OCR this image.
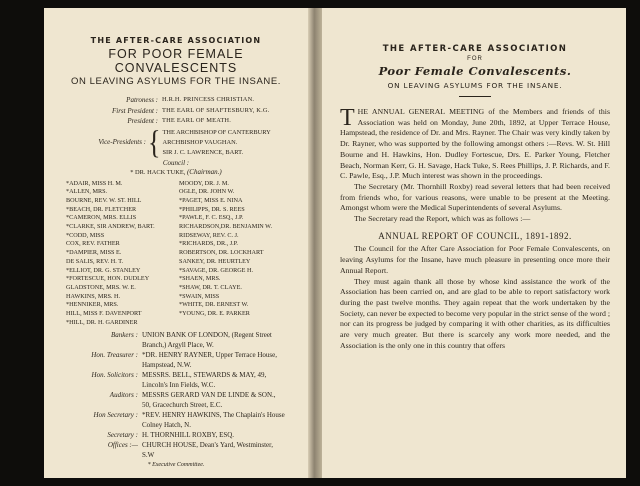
THE AFTER-CARE ASSOCIATION

FOR POOR FEMALE CONVALESCENTS

ON LEAVING ASYLUMS FOR THE INSANE.

Patroness : H.R.H. PRINCESS CHRISTIAN.
First President : THE EARL OF SHAFTESBURY, K.G.
President : THE EARL OF MEATH.
Vice-Presidents : { THE ARCHBISHOP OF CANTERBURY
ARCHBISHOP VAUGHAN.
SIR J. C. LAWRENCE, BART.
Council :
* DR. HACK TUKE, (Chairman.)
*ADAIR, MISS H. M.	MOODY, DR. J. M.
*ALLEN, MRS.	OGLE, DR. JOHN W.
BOURNE, REV. W. ST. HILL	*PAGET, MISS E. NINA
*BEACH, DR. FLETCHER	*PHILIPPS, DR. S. REES
*CAMERON, MRS. ELLIS	*PAWLE, F. C. ESQ., J.P.
*CLARKE, SIR ANDREW, BART.	RICHARDSON,DR. BENJAMIN W.
*CODD, MISS	RIDSEWAY, REV. C. J.
COX, REV. FATHER	*RICHARDS, DR., J.P.
*DAMPIER, MISS E.	ROBERTSON, DR. LOCKHART
DE SALIS, REV. H. T.	SANKEY, DR. HEURTLEY
*ELLIOT, DR. G. STANLEY	*SAVAGE, DR. GEORGE H.
*FORTESCUE, HON. DUDLEY	*SHAEN, MRS.
GLADSTONE, MRS. W. E.	*SHAW, DR. T. CLAYE.
HAWKINS, MRS. H.	*SWAIN, MISS
*HENNIKER, MRS.	*WHITE, DR. ERNEST W.
HILL, MISS F. DAVENPORT	*YOUNG, DR. E. PARKER
*HILL, DR. H. GARDINER
Bankers : UNION BANK OF LONDON, (Regent Street Branch,) Argyll Place, W.
Hon. Treasurer : *DR. HENRY RAYNER, Upper Terrace House, Hampstead, N.W.
Hon. Solicitors : MESSRS. BELL, STEWARDS & MAY, 49, Lincoln's Inn Fields, W.C.
Auditors : MESSRS GERARD VAN DE LINDE & SON., 50, Gracechurch Street, E.C.
Hon Secretary : *REV. HENRY HAWKINS, The Chaplain's House Colney Hatch, N.
Secretary : H. THORNHILL ROXBY, ESQ.
Offices :— CHURCH HOUSE, Dean's Yard, Westminster, S.W
* Executive Committee.

THE AFTER-CARE ASSOCIATION

FOR

Poor Female Convalescents.

ON LEAVING ASYLUMS FOR THE INSANE.

THE ANNUAL GENERAL MEETING of the Members and friends of this Association was held on Monday, June 20th, 1892, at Upper Terrace House, Hampstead, the residence of Dr. and Mrs. Rayner. The Chair was very kindly taken by Dr. Rayner, who was supported by the following amongst others :—Revs. W. St. Hill Bourne and H. Hawkins, Hon. Dudley Fortescue, Drs. E. Parker Young, Fletcher Beach, Norman Kerr, G. H. Savage, Hack Tuke, S. Rees Phillips, J. P. Richards, and F. C. Pawle, Esq., J.P. Much interest was shown in the proceedings.

The Secretary (Mr. Thornhill Roxby) read several letters that had been received from friends who, for various reasons, were unable to be present at the Meeting. Amongst whom were the Medical Superintendents of several Asylums.

The Secretary read the Report, which was as follows :—

ANNUAL REPORT OF COUNCIL, 1891-1892.

The Council for the After Care Association for Poor Female Convalescents, on leaving Asylums for the Insane, have much pleasure in presenting once more their Annual Report.

They must again thank all those by whose kind assistance the work of the Association has been carried on, and are glad to be able to report satisfactory work during the past twelve months. They again repeat that the work undertaken by the Society, can never be expected to become very popular in the strict sense of the word ; nor can its progress be judged by comparing it with other charities, as its difficulties are very much greater. But there is scarcely any work more needed, and the Association is the only one in this country that offers
